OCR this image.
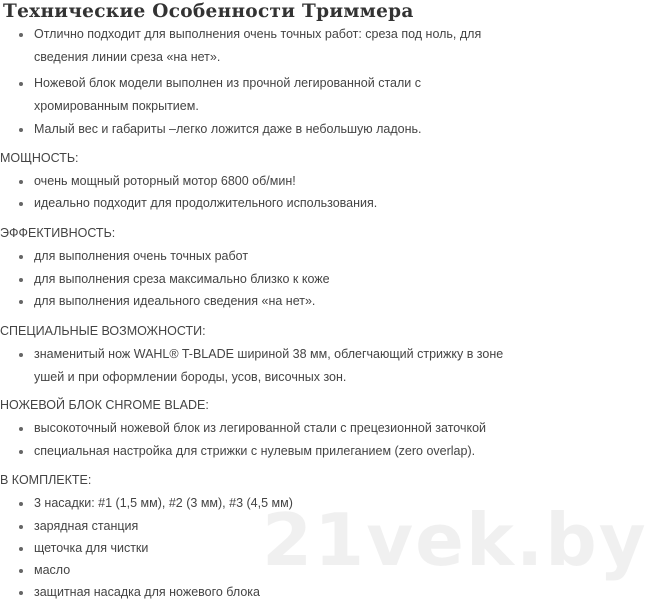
Технические Особенности Триммера
Отлично подходит для выполнения очень точных работ: среза под ноль, для сведения линии среза «на нет».
Ножевой блок модели выполнен из прочной легированной стали с хромированным покрытием.
Малый вес и габариты –легко ложится даже в небольшую ладонь.

МОЩНОСТЬ:

очень мощный роторный мотор 6800 об/мин!
идеально подходит для продолжительного использования.

ЭФФЕКТИВНОСТЬ:

для выполнения очень точных работ
для выполнения среза максимально близко к коже
для выполнения идеального сведения «на нет».

СПЕЦИАЛЬНЫЕ ВОЗМОЖНОСТИ:

знаменитый нож WAHL® T-BLADE шириной 38 мм, облегчающий стрижку в зоне ушей и при оформлении бороды, усов, височных зон.

НОЖЕВОЙ БЛОК CHROME BLADE:

высокоточный ножевой блок из легированной стали с прецезионной заточкой
специальная настройка для стрижки с нулевым прилеганием (zero overlap).

В КОМПЛЕКТЕ:

3 насадки: #1 (1,5 мм), #2 (3 мм), #3 (4,5 мм)
зарядная станция
щеточка для чистки
масло
защитная насадка для ножевого блока
21vek.by
